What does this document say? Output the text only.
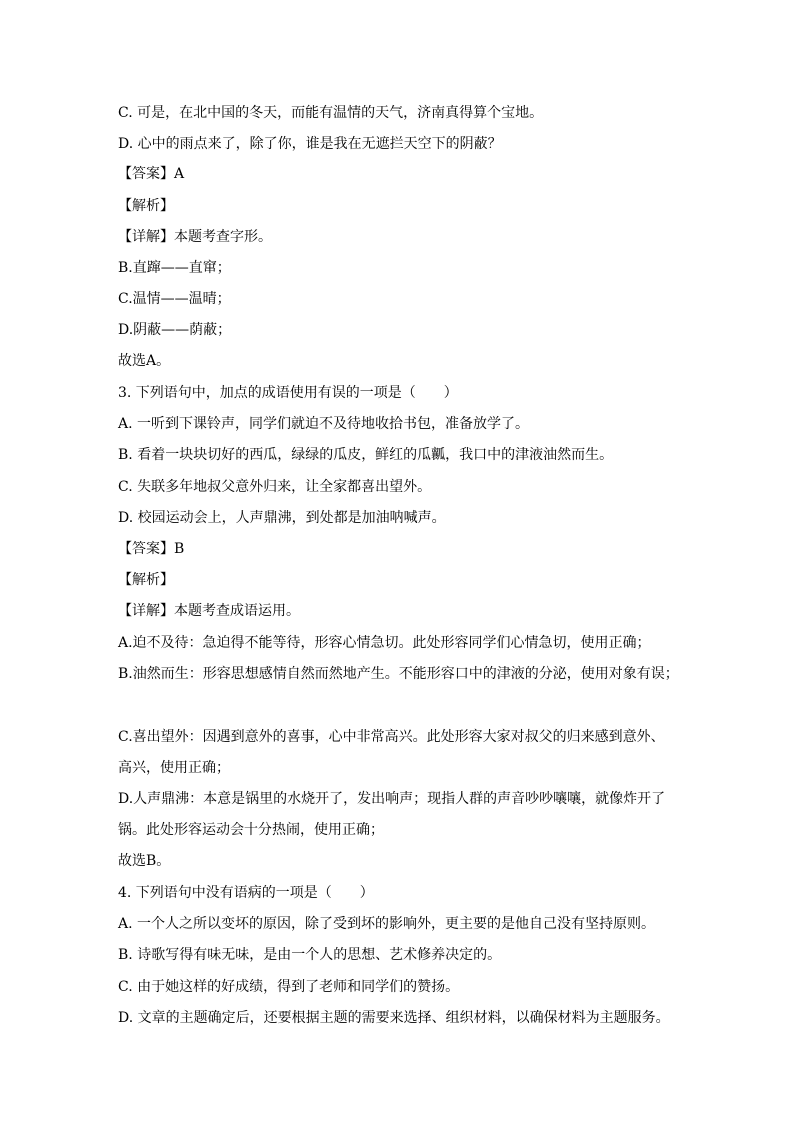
C. 可是，在北中国的冬天，而能有温情的天气，济南真得算个宝地。
D. 心中的雨点来了，除了你，谁是我在无遮拦天空下的阴蔽？
【答案】A
【解析】
【详解】本题考查字形。
B.直蹿——直窜；
C.温情——温晴；
D.阴蔽——荫蔽；
故选A。
3. 下列语句中，加点的成语使用有误的一项是（　　）
A. 一听到下课铃声，同学们就迫不及待地收拾书包，准备放学了。
B. 看着一块块切好的西瓜，绿绿的瓜皮，鲜红的瓜瓤，我口中的津液油然而生。
C. 失联多年地叔父意外归来，让全家都喜出望外。
D. 校园运动会上，人声鼎沸，到处都是加油呐喊声。
【答案】B
【解析】
【详解】本题考查成语运用。
A.迫不及待：急迫得不能等待，形容心情急切。此处形容同学们心情急切，使用正确；
B.油然而生：形容思想感情自然而然地产生。不能形容口中的津液的分泌，使用对象有误；
C.喜出望外：因遇到意外的喜事，心中非常高兴。此处形容大家对叔父的归来感到意外、
高兴，使用正确；
D.人声鼎沸：本意是锅里的水烧开了，发出响声；现指人群的声音吵吵嚷嚷，就像炸开了
锅。此处形容运动会十分热闹，使用正确；
故选B。
4. 下列语句中没有语病的一项是（　　）
A. 一个人之所以变坏的原因，除了受到坏的影响外，更主要的是他自己没有坚持原则。
B. 诗歌写得有味无味，是由一个人的思想、艺术修养决定的。
C. 由于她这样的好成绩，得到了老师和同学们的赞扬。
D. 文章的主题确定后，还要根据主题的需要来选择、组织材料，以确保材料为主题服务。
